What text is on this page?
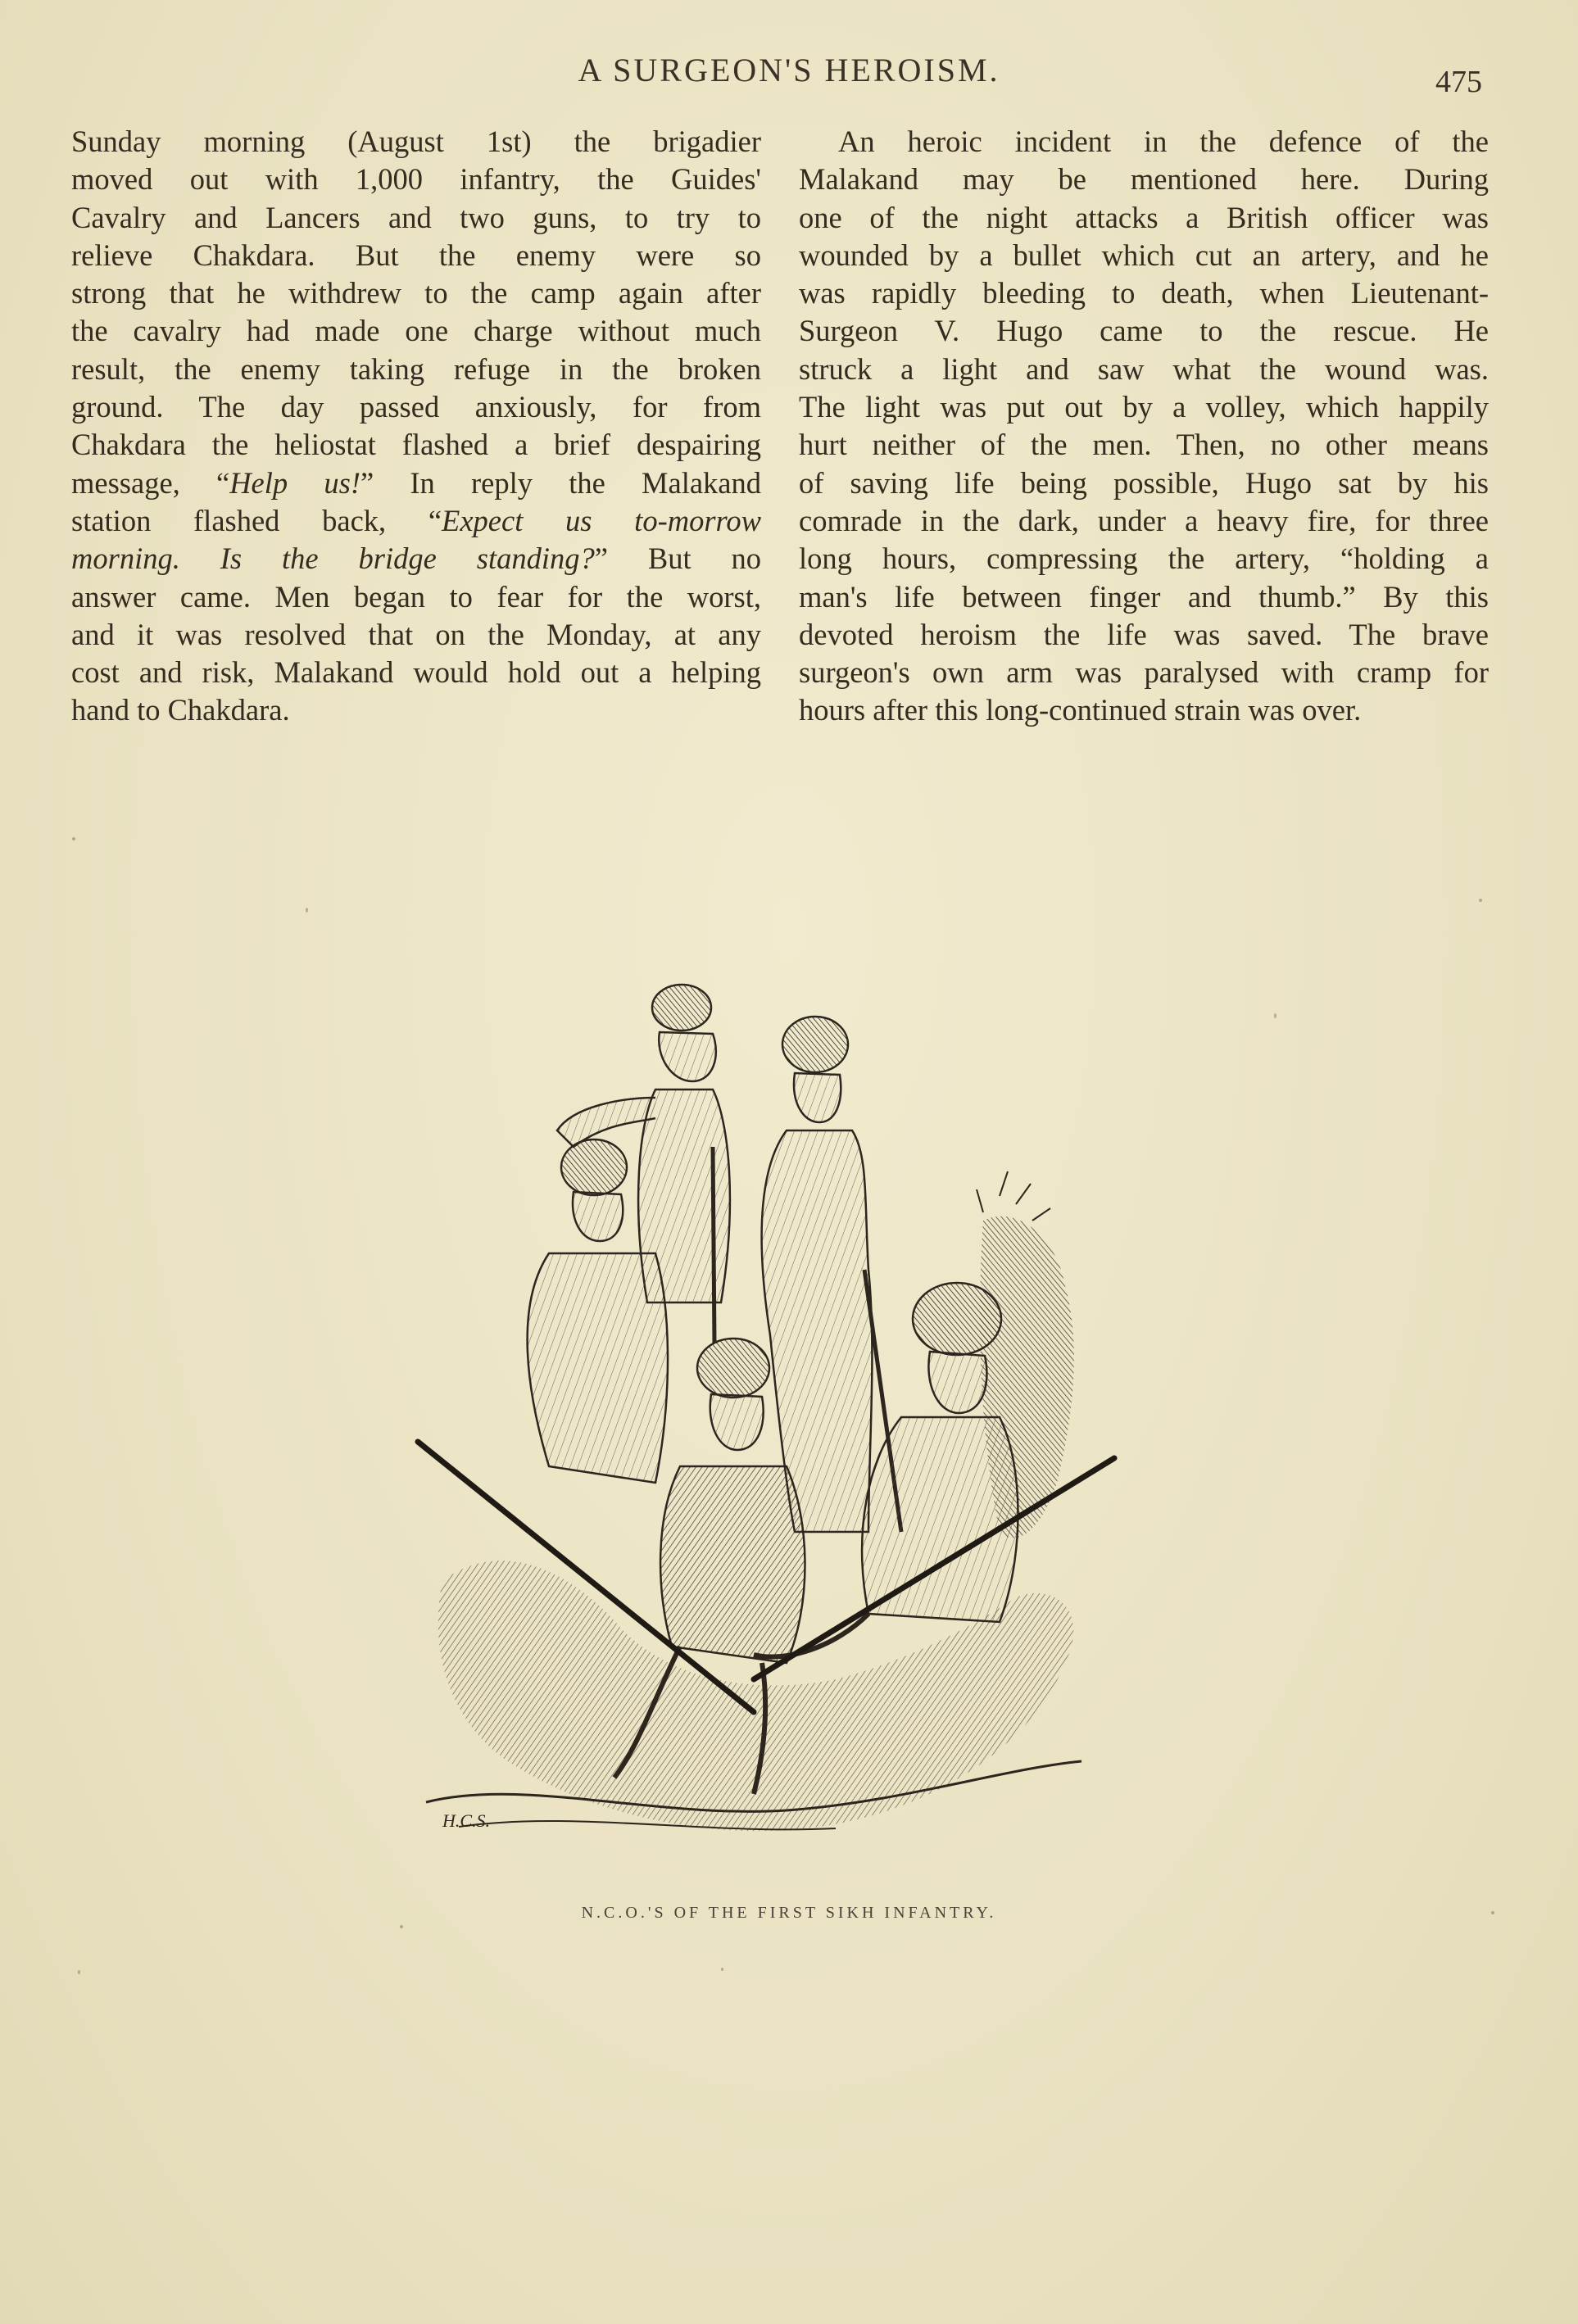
A SURGEON'S HEROISM.	475
Sunday morning (August 1st) the brigadier
moved out with 1,000 infantry, the Guides'
Cavalry and Lancers and two guns, to try to
relieve Chakdara. But the enemy were so
strong that he withdrew to the camp again after
the cavalry had made one charge without much
result, the enemy taking refuge in the broken
ground. The day passed anxiously, for from
Chakdara the heliostat flashed a brief despairing
message, “Help us!” In reply the Malakand
station flashed back, “Expect us to-morrow
morning. Is the bridge standing?” But no
answer came. Men began to fear for the worst,
and it was resolved that on the Monday, at any
cost and risk, Malakand would hold out a helping
hand to Chakdara.
An heroic incident in the defence of the
Malakand may be mentioned here. During
one of the night attacks a British officer was
wounded by a bullet which cut an artery, and he
was rapidly bleeding to death, when Lieutenant-
Surgeon V. Hugo came to the rescue. He
struck a light and saw what the wound was.
The light was put out by a volley, which happily
hurt neither of the men. Then, no other means
of saving life being possible, Hugo sat by his
comrade in the dark, under a heavy fire, for three
long hours, compressing the artery, “holding a
man's life between finger and thumb.” By this
devoted heroism the life was saved. The brave
surgeon's own arm was paralysed with cramp for
hours after this long-continued strain was over.
H.C.S.
N.C.O.'S OF THE FIRST SIKH INFANTRY.
